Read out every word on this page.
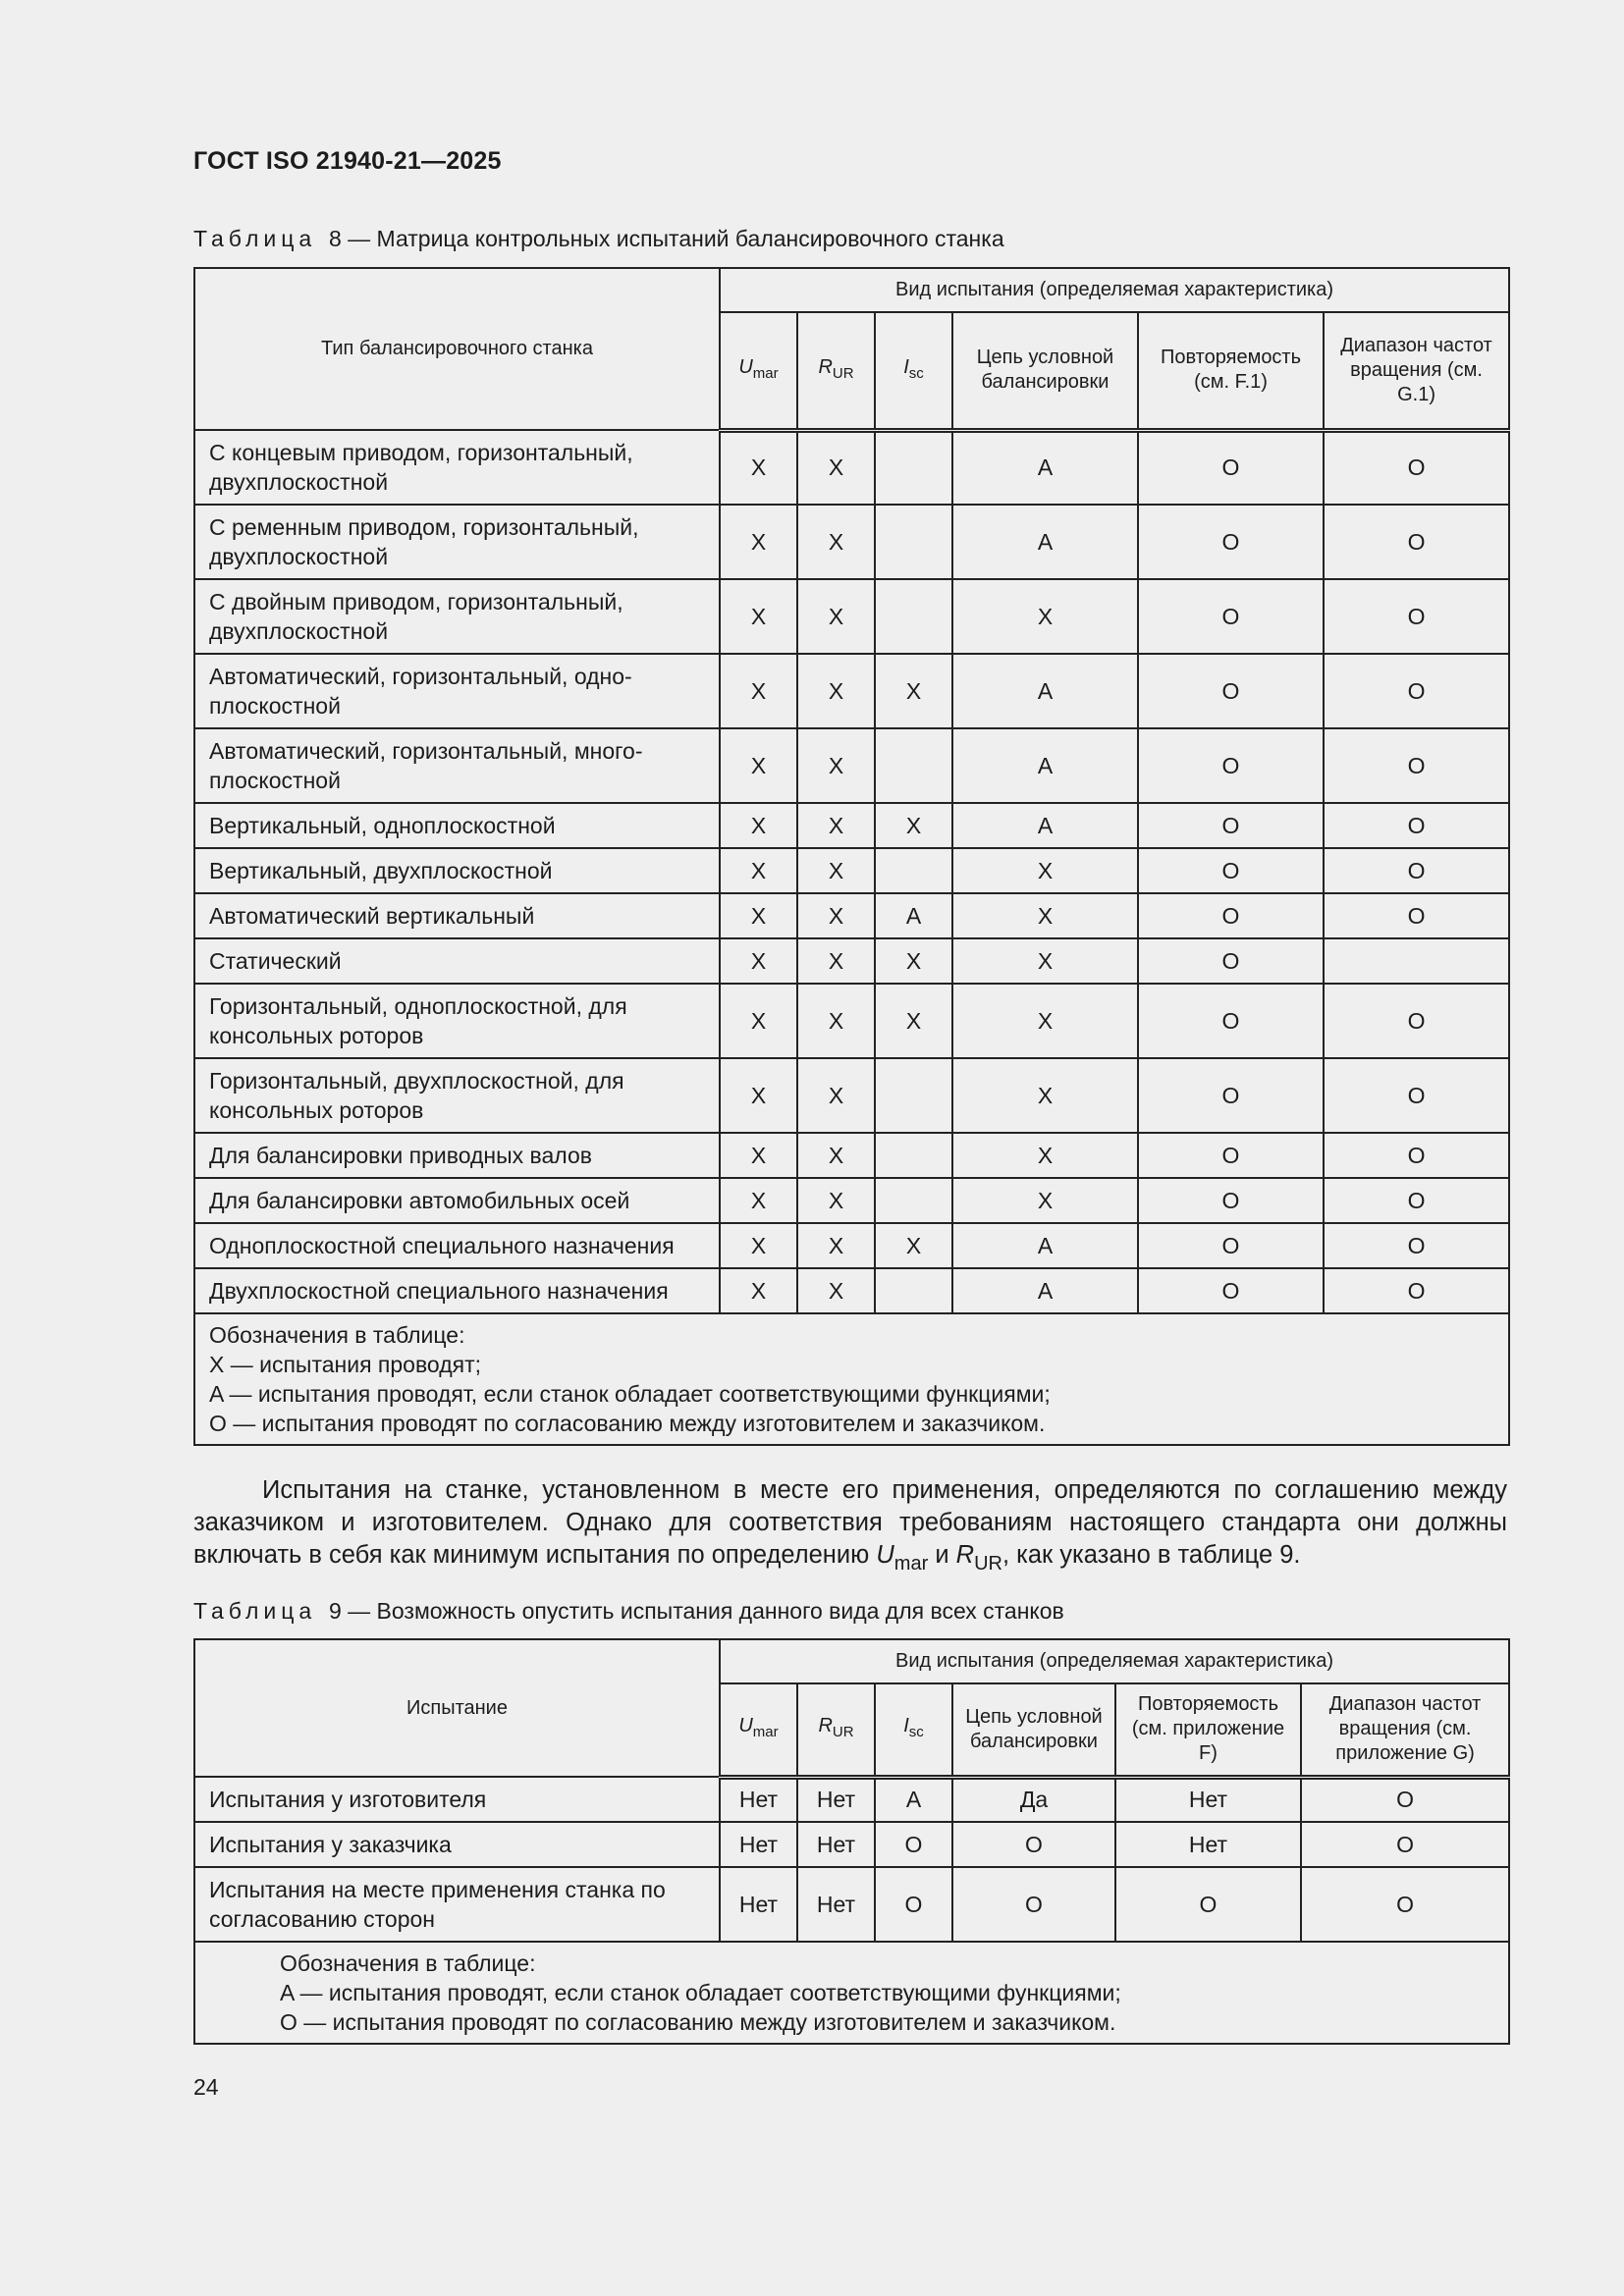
ГОСТ ISO 21940-21—2025
Таблица 8 — Матрица контрольных испытаний балансировочного станка
Тип балансировочного станка	Вид испытания (определяемая характеристика)					
	$U_{mar}$	$R_{UR}$	$I_{sc}$	Цепь условной балансировки	Повторяемость (см. F.1)	Диапазон частот вращения (см. G.1)
С концевым приводом, горизонтальный, двухплоскостной	X	X		A	O	O
С ременным приводом, горизонтальный, двухплоскостной	X	X		A	O	O
С двойным приводом, горизонтальный, двухплоскостной	X	X		X	O	O
Автоматический, горизонтальный, одноплоскостной	X	X	X	A	O	O
Автоматический, горизонтальный, многоплоскостной	X	X		A	O	O
Вертикальный, одноплоскостной	X	X	X	A	O	O
Вертикальный, двухплоскостной	X	X		X	O	O
Автоматический вертикальный	X	X	A	X	O	O
Статический	X	X	X	X	O	
Горизонтальный, одноплоскостной, для консольных роторов	X	X	X	X	O	O
Горизонтальный, двухплоскостной, для консольных роторов	X	X		X	O	O
Для балансировки приводных валов	X	X		X	O	O
Для балансировки автомобильных осей	X	X		X	O	O
Одноплоскостной специального назначения	X	X	X	A	O	O
Двухплоскостной специального назначения	X	X		A	O	O

Обозначения в таблице:
X — испытания проводят;
A — испытания проводят, если станок обладает соответствующими функциями;
O — испытания проводят по согласованию между изготовителем и заказчиком.						
Испытания на станке, установленном в месте его применения, определяются по соглашению между заказчиком и изготовителем. Однако для соответствия требованиям настоящего стандарта они должны включать в себя как минимум испытания по определению $U_{mar}$ и $R_{UR}$, как указано в таблице 9.
Таблица 9 — Возможность опустить испытания данного вида для всех станков
Испытание	Вид испытания (определяемая характеристика)					
	$U_{mar}$	$R_{UR}$	$I_{sc}$	Цепь условной балансировки	Повторяемость (см. приложение F)	Диапазон частот вращения (см. приложение G)
Испытания у изготовителя	Нет	Нет	A	Да	Нет	O
Испытания у заказчика	Нет	Нет	O	O	Нет	O
Испытания на месте применения станка по согласованию сторон	Нет	Нет	O	O	O	O

Обозначения в таблице:
A — испытания проводят, если станок обладает соответствующими функциями;
O — испытания проводят по согласованию между изготовителем и заказчиком.						
24
